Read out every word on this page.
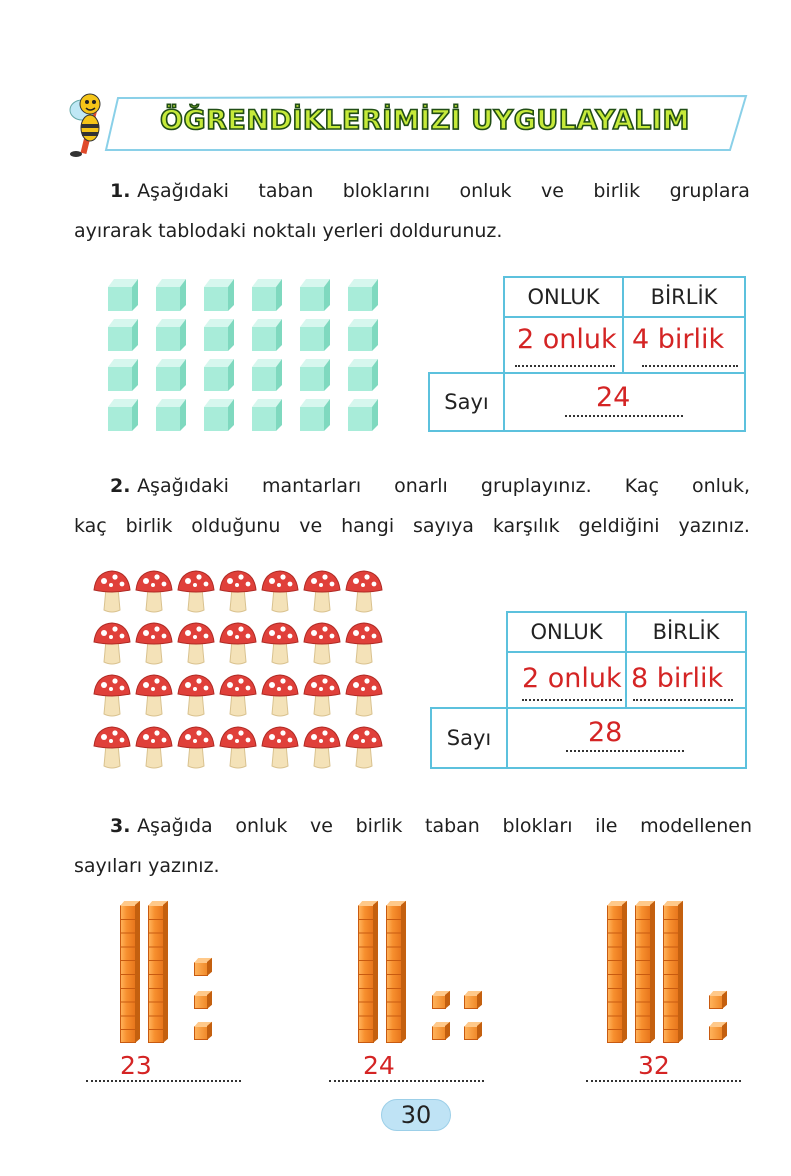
ÖĞRENDİKLERİMİZİ UYGULAYALIM
1. Aşağıdaki taban bloklarını onluk ve birlik gruplara
ayırarak tablodaki noktalı yerleri doldurunuz.
ONLUK	BİRLİK
2 onluk 4 birlik
Sayı	24
2. Aşağıdaki mantarları onarlı gruplayınız. Kaç onluk,
kaç birlik olduğunu ve hangi sayıya karşılık geldiğini yazınız.
ONLUK	BİRLİK
2 onluk 8 birlik
Sayı	28
3. Aşağıda onluk ve birlik taban blokları ile modellenen
sayıları yazınız.
23	24	32
30
